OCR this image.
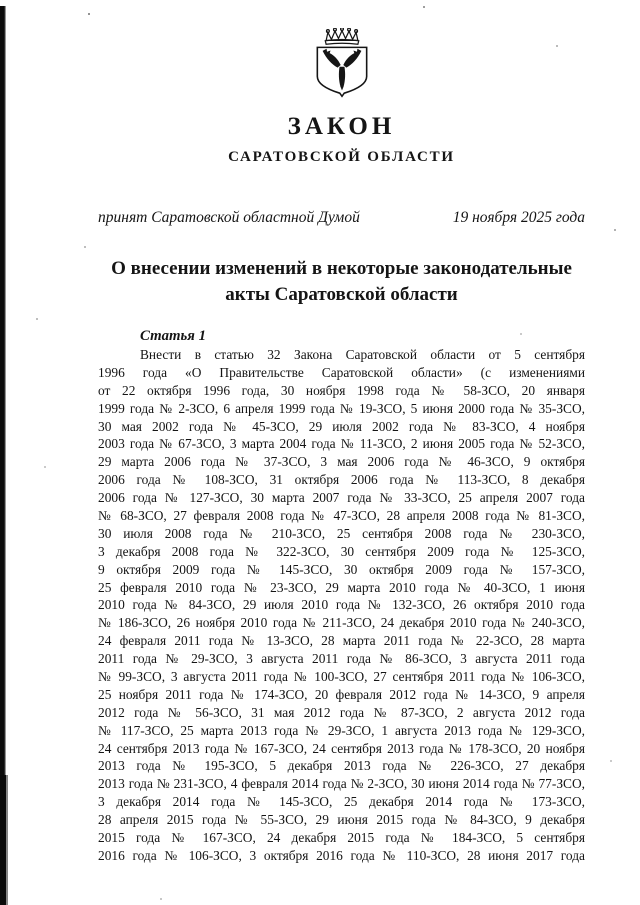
ЗАКОН
САРАТОВСКОЙ ОБЛАСТИ
принят Саратовской областной Думой	19 ноября 2025 года
О внесении изменений в некоторые законодательные
акты Саратовской области
Статья 1
Внести в статью 32 Закона Саратовской области от 5 сентября
1996 года «О Правительстве Саратовской области» (с изменениями
от 22 октября 1996 года, 30 ноября 1998 года № 58-ЗСО, 20 января
1999 года № 2-ЗСО, 6 апреля 1999 года № 19-ЗСО, 5 июня 2000 года № 35-ЗСО,
30 мая 2002 года № 45-ЗСО, 29 июля 2002 года № 83-ЗСО, 4 ноября
2003 года № 67-ЗСО, 3 марта 2004 года № 11-ЗСО, 2 июня 2005 года № 52-ЗСО,
29 марта 2006 года № 37-ЗСО, 3 мая 2006 года № 46-ЗСО, 9 октября
2006 года № 108-ЗСО, 31 октября 2006 года № 113-ЗСО, 8 декабря
2006 года № 127-ЗСО, 30 марта 2007 года № 33-ЗСО, 25 апреля 2007 года
№ 68-ЗСО, 27 февраля 2008 года № 47-ЗСО, 28 апреля 2008 года № 81-ЗСО,
30 июля 2008 года № 210-ЗСО, 25 сентября 2008 года № 230-ЗСО,
3 декабря 2008 года № 322-ЗСО, 30 сентября 2009 года № 125-ЗСО,
9 октября 2009 года № 145-ЗСО, 30 октября 2009 года № 157-ЗСО,
25 февраля 2010 года № 23-ЗСО, 29 марта 2010 года № 40-ЗСО, 1 июня
2010 года № 84-ЗСО, 29 июля 2010 года № 132-ЗСО, 26 октября 2010 года
№ 186-ЗСО, 26 ноября 2010 года № 211-ЗСО, 24 декабря 2010 года № 240-ЗСО,
24 февраля 2011 года № 13-ЗСО, 28 марта 2011 года № 22-ЗСО, 28 марта
2011 года № 29-ЗСО, 3 августа 2011 года № 86-ЗСО, 3 августа 2011 года
№ 99-ЗСО, 3 августа 2011 года № 100-ЗСО, 27 сентября 2011 года № 106-ЗСО,
25 ноября 2011 года № 174-ЗСО, 20 февраля 2012 года № 14-ЗСО, 9 апреля
2012 года № 56-ЗСО, 31 мая 2012 года № 87-ЗСО, 2 августа 2012 года
№ 117-ЗСО, 25 марта 2013 года № 29-ЗСО, 1 августа 2013 года № 129-ЗСО,
24 сентября 2013 года № 167-ЗСО, 24 сентября 2013 года № 178-ЗСО, 20 ноября
2013 года № 195-ЗСО, 5 декабря 2013 года № 226-ЗСО, 27 декабря
2013 года № 231-ЗСО, 4 февраля 2014 года № 2-ЗСО, 30 июня 2014 года № 77-ЗСО,
3 декабря 2014 года № 145-ЗСО, 25 декабря 2014 года № 173-ЗСО,
28 апреля 2015 года № 55-ЗСО, 29 июня 2015 года № 84-ЗСО, 9 декабря
2015 года № 167-ЗСО, 24 декабря 2015 года № 184-ЗСО, 5 сентября
2016 года № 106-ЗСО, 3 октября 2016 года № 110-ЗСО, 28 июня 2017 года
